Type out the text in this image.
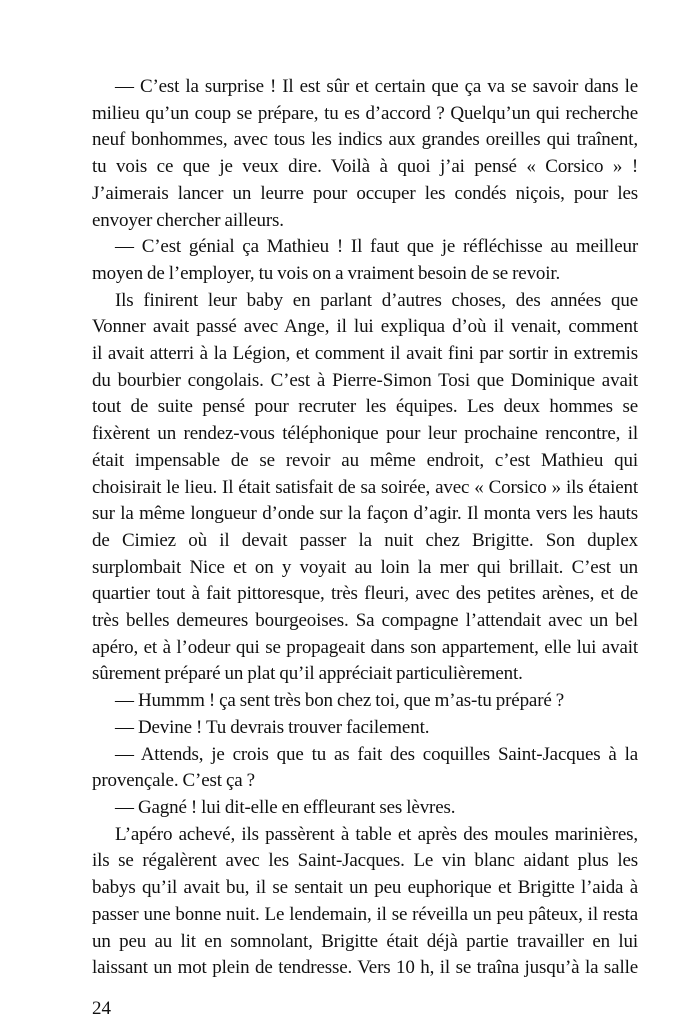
— C’est la surprise ! Il est sûr et certain que ça va se savoir dans le
milieu qu’un coup se prépare, tu es d’accord ? Quelqu’un qui recherche
neuf bonhommes, avec tous les indics aux grandes oreilles qui traînent,
tu vois ce que je veux dire. Voilà à quoi j’ai pensé « Corsico » !
J’aimerais lancer un leurre pour occuper les condés niçois, pour les
envoyer chercher ailleurs.
— C’est génial ça Mathieu ! Il faut que je réfléchisse au meilleur
moyen de l’employer, tu vois on a vraiment besoin de se revoir.
Ils finirent leur baby en parlant d’autres choses, des années que
Vonner avait passé avec Ange, il lui expliqua d’où il venait, comment
il avait atterri à la Légion, et comment il avait fini par sortir in extremis
du bourbier congolais. C’est à Pierre-Simon Tosi que Dominique avait
tout de suite pensé pour recruter les équipes. Les deux hommes se
fixèrent un rendez-vous téléphonique pour leur prochaine rencontre, il
était impensable de se revoir au même endroit, c’est Mathieu qui
choisirait le lieu. Il était satisfait de sa soirée, avec « Corsico » ils étaient
sur la même longueur d’onde sur la façon d’agir. Il monta vers les hauts
de Cimiez où il devait passer la nuit chez Brigitte. Son duplex
surplombait Nice et on y voyait au loin la mer qui brillait. C’est un
quartier tout à fait pittoresque, très fleuri, avec des petites arènes, et de
très belles demeures bourgeoises. Sa compagne l’attendait avec un bel
apéro, et à l’odeur qui se propageait dans son appartement, elle lui avait
sûrement préparé un plat qu’il appréciait particulièrement.
— Hummm ! ça sent très bon chez toi, que m’as-tu préparé ?
— Devine ! Tu devrais trouver facilement.
— Attends, je crois que tu as fait des coquilles Saint-Jacques à la
provençale. C’est ça ?
— Gagné ! lui dit-elle en effleurant ses lèvres.
L’apéro achevé, ils passèrent à table et après des moules marinières,
ils se régalèrent avec les Saint-Jacques. Le vin blanc aidant plus les
babys qu’il avait bu, il se sentait un peu euphorique et Brigitte l’aida à
passer une bonne nuit. Le lendemain, il se réveilla un peu pâteux, il resta
un peu au lit en somnolant, Brigitte était déjà partie travailler en lui
laissant un mot plein de tendresse. Vers 10 h, il se traîna jusqu’à la salle
24
